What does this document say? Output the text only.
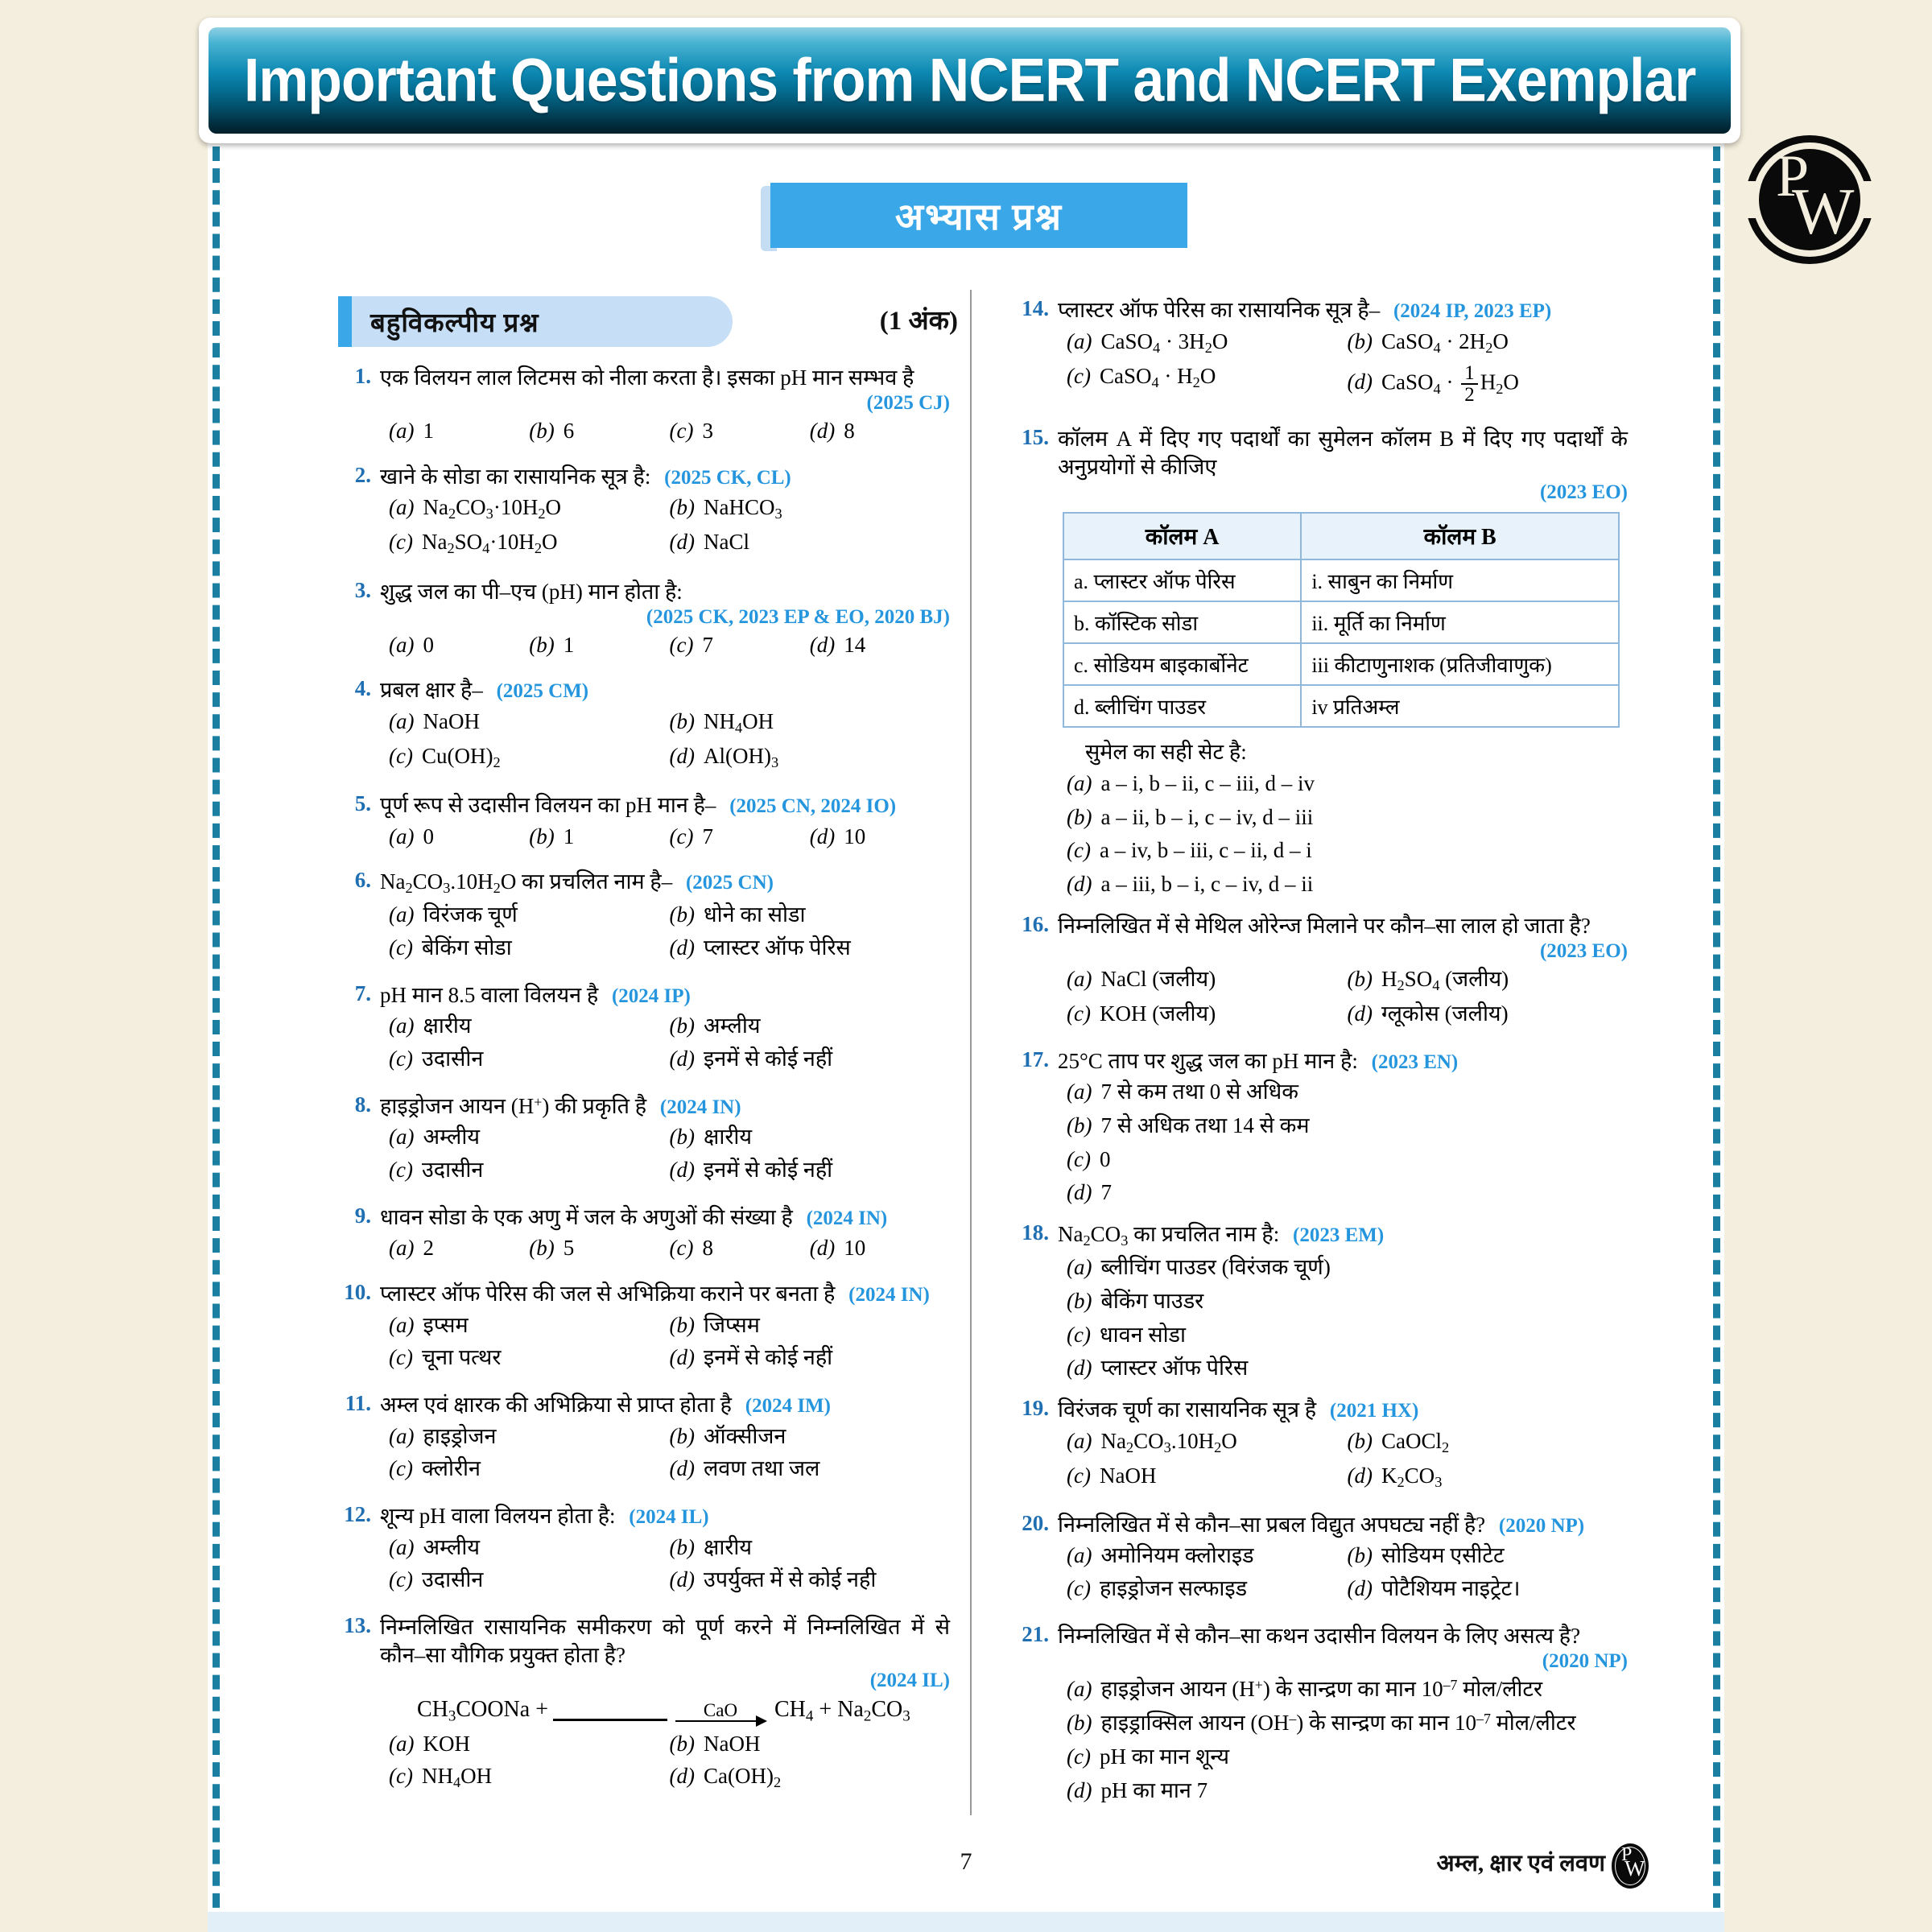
Important Questions from NCERT and NCERT Exemplar
P
W
अभ्यास प्रश्न
बहुविकल्पीय प्रश्न	(1 अंक)
1. एक विलयन लाल लिटमस को नीला करता है। इसका pH मान सम्भव है
(2025 CJ)
(a) 1	(b) 6	(c) 3	(d) 8
2. खाने के सोडा का रासायनिक सूत्र है: (2025 CK, CL)
(a) $Na_2CO_3\cdot 10H_2O$	(b) NaHCO$_3$
(c) $Na_2SO_4\cdot 10H_2O$	(d) NaCl
3. शुद्ध जल का पी–एच (pH) मान होता है:
(2025 CK, 2023 EP & EO, 2020 BJ)
(a) 0	(b) 1	(c) 7	(d) 14
4. प्रबल क्षार है– (2025 CM)
(a) NaOH	(b) $NH_4OH$
(c) $Cu(OH)_2$	(d) $Al(OH)_3$
5. पूर्ण रूप से उदासीन विलयन का pH मान है– (2025 CN, 2024 IO)
(a) 0	(b) 1	(c) 7	(d) 10
6. $Na_2CO_3.10H_2O$ का प्रचलित नाम है– (2025 CN)
(a) विरंजक चूर्ण	(b) धोने का सोडा
(c) बेकिंग सोडा	(d) प्लास्टर ऑफ पेरिस
7. pH मान 8.5 वाला विलयन है (2024 IP)
(a) क्षारीय	(b) अम्लीय
(c) उदासीन	(d) इनमें से कोई नहीं
8. हाइड्रोजन आयन (H+) की प्रकृति है (2024 IN)
(a) अम्लीय	(b) क्षारीय
(c) उदासीन	(d) इनमें से कोई नहीं
9. धावन सोडा के एक अणु में जल के अणुओं की संख्या है (2024 IN)
(a) 2	(b) 5	(c) 8	(d) 10
10. प्लास्टर ऑफ पेरिस की जल से अभिक्रिया कराने पर बनता है (2024 IN)
(a) इप्सम	(b) जिप्सम
(c) चूना पत्थर	(d) इनमें से कोई नहीं
11. अम्ल एवं क्षारक की अभिक्रिया से प्राप्त होता है (2024 IM)
(a) हाइड्रोजन	(b) ऑक्सीजन
(c) क्लोरीन	(d) लवण तथा जल
12. शून्य pH वाला विलयन होता है: (2024 IL)
(a) अम्लीय	(b) क्षारीय
(c) उदासीन	(d) उपर्युक्त में से कोई नही
13. निम्नलिखित रासायनिक समीकरण को पूर्ण करने में निम्नलिखित में से कौन–सा यौगिक प्रयुक्त होता है?
(2024 IL)
$CH_3COONa$ +	CaO $CH_4 + Na_2CO_3$
(a) KOH	(b) NaOH
(c) $NH_4OH$	(d) $Ca(OH)_2$
14. प्लास्टर ऑफ पेरिस का रासायनिक सूत्र है– (2024 IP, 2023 EP)
(a) CaSO$_4$ · $3H_2O$	(b) CaSO$_4$ · $2H_2O$
(c) CaSO$_4$ · $H_2O$	(d) CaSO$_4$ · $\frac{1}{2} H_2O$
15. कॉलम A में दिए गए पदार्थों का सुमेलन कॉलम B में दिए गए पदार्थों के अनुप्रयोगों से कीजिए
(2023 EO)
कॉलम A	कॉलम B
a. प्लास्टर ऑफ पेरिस	i. साबुन का निर्माण
b. कॉस्टिक सोडा	ii. मूर्ति का निर्माण
c. सोडियम बाइकार्बोनेट	iii कीटाणुनाशक (प्रतिजीवाणुक)
d. ब्लीचिंग पाउडर	iv प्रतिअम्ल
सुमेल का सही सेट है:
(a) a – i, b – ii, c – iii, d – iv
(b) a – ii, b – i, c – iv, d – iii
(c) a – iv, b – iii, c – ii, d – i
(d) a – iii, b – i, c – iv, d – ii
16. निम्नलिखित में से मेथिल ओरेन्ज मिलाने पर कौन–सा लाल हो जाता है?
(2023 EO)
(a) NaCl (जलीय)	(b) $H_2SO_4$ (जलीय)
(c) KOH (जलीय)	(d) ग्लूकोस (जलीय)
17. 25°C ताप पर शुद्ध जल का pH मान है: (2023 EN)
(a) 7 से कम तथा 0 से अधिक
(b) 7 से अधिक तथा 14 से कम
(c) 0
(d) 7
18. $Na_2CO_3$ का प्रचलित नाम है: (2023 EM)
(a) ब्लीचिंग पाउडर (विरंजक चूर्ण)
(b) बेकिंग पाउडर
(c) धावन सोडा
(d) प्लास्टर ऑफ पेरिस
19. विरंजक चूर्ण का रासायनिक सूत्र है (2021 HX)
(a) $Na_2CO_3.10H_2O$	(b) CaOCl$_2$
(c) NaOH	(d) $K_2CO_3$
20. निम्नलिखित में से कौन–सा प्रबल विद्युत अपघट्य नहीं है? (2020 NP)
(a) अमोनियम क्लोराइड	(b) सोडियम एसीटेट
(c) हाइड्रोजन सल्फाइड	(d) पोटैशियम नाइट्रेट।
21. निम्नलिखित में से कौन–सा कथन उदासीन विलयन के लिए असत्य है?
(2020 NP)
(a) हाइड्रोजन आयन (H+) के सान्द्रण का मान $10^{-7}$ मोल/लीटर
(b) हाइड्राक्सिल आयन (OH–) के सान्द्रण का मान $10^{-7}$ मोल/लीटर
(c) pH का मान शून्य
(d) pH का मान 7
7	अम्ल, क्षार एवं लवण P
W
